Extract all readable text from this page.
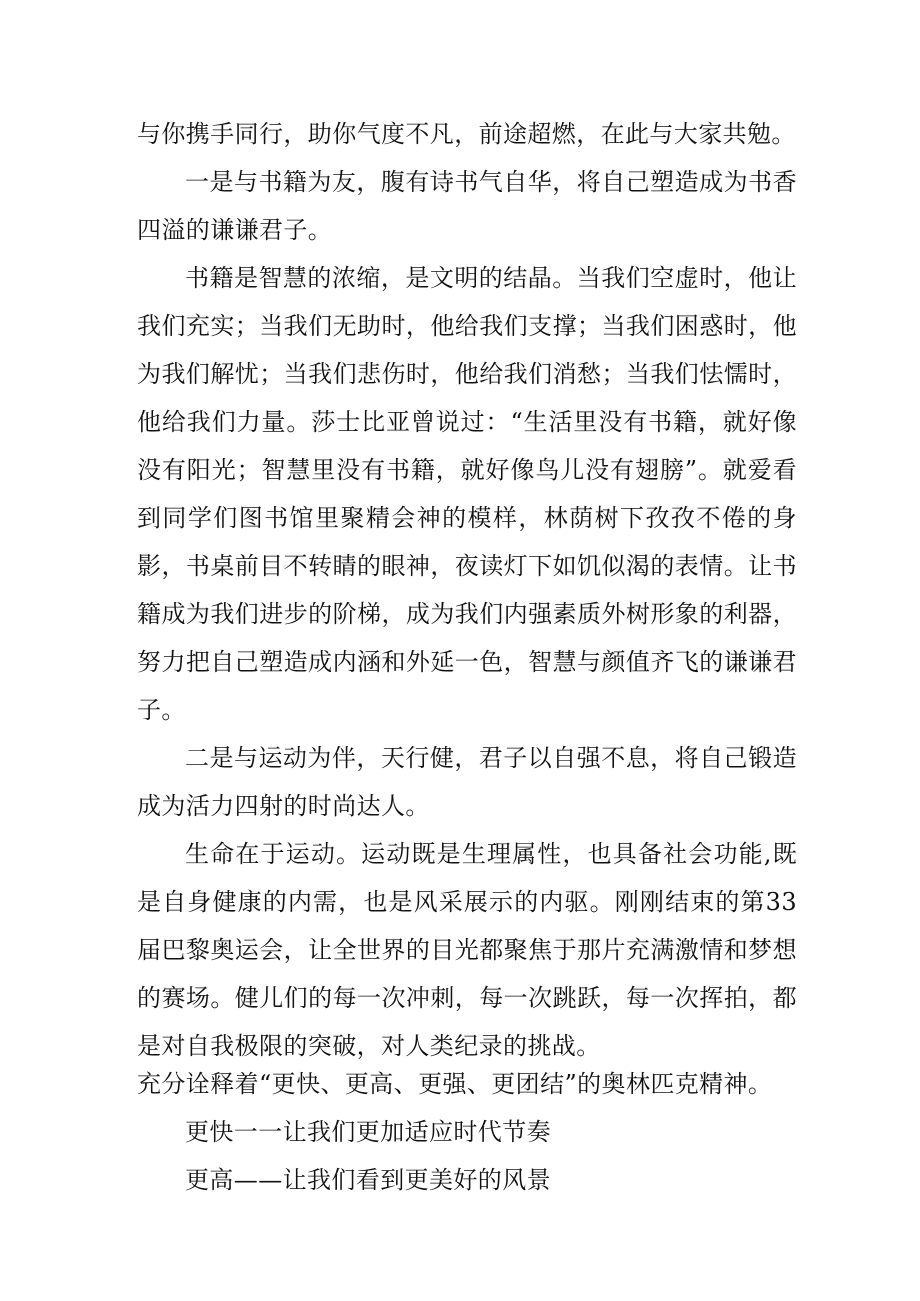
与你携手同行，助你气度不凡，前途超燃，在此与大家共勉。

一是与书籍为友，腹有诗书气自华，将自己塑造成为书香四溢的谦谦君子。

书籍是智慧的浓缩，是文明的结晶。当我们空虚时，他让我们充实；当我们无助时，他给我们支撑；当我们困惑时，他为我们解忧；当我们悲伤时，他给我们消愁；当我们怯懦时，他给我们力量。莎士比亚曾说过：“生活里没有书籍，就好像没有阳光；智慧里没有书籍，就好像鸟儿没有翅膀”。就爱看到同学们图书馆里聚精会神的模样，林荫树下孜孜不倦的身影，书桌前目不转睛的眼神，夜读灯下如饥似渴的表情。让书籍成为我们进步的阶梯，成为我们内强素质外树形象的利器，努力把自己塑造成内涵和外延一色，智慧与颜值齐飞的谦谦君子。

二是与运动为伴，天行健，君子以自强不息，将自己锻造成为活力四射的时尚达人。

生命在于运动。运动既是生理属性，也具备社会功能,既是自身健康的内需，也是风采展示的内驱。刚刚结束的第33届巴黎奥运会，让全世界的目光都聚焦于那片充满激情和梦想的赛场。健儿们的每一次冲刺，每一次跳跃，每一次挥拍，都是对自我极限的突破，对人类纪录的挑战。

充分诠释着“更快、更高、更强、更团结”的奥林匹克精神。

更快一一让我们更加适应时代节奏

更高——让我们看到更美好的风景
